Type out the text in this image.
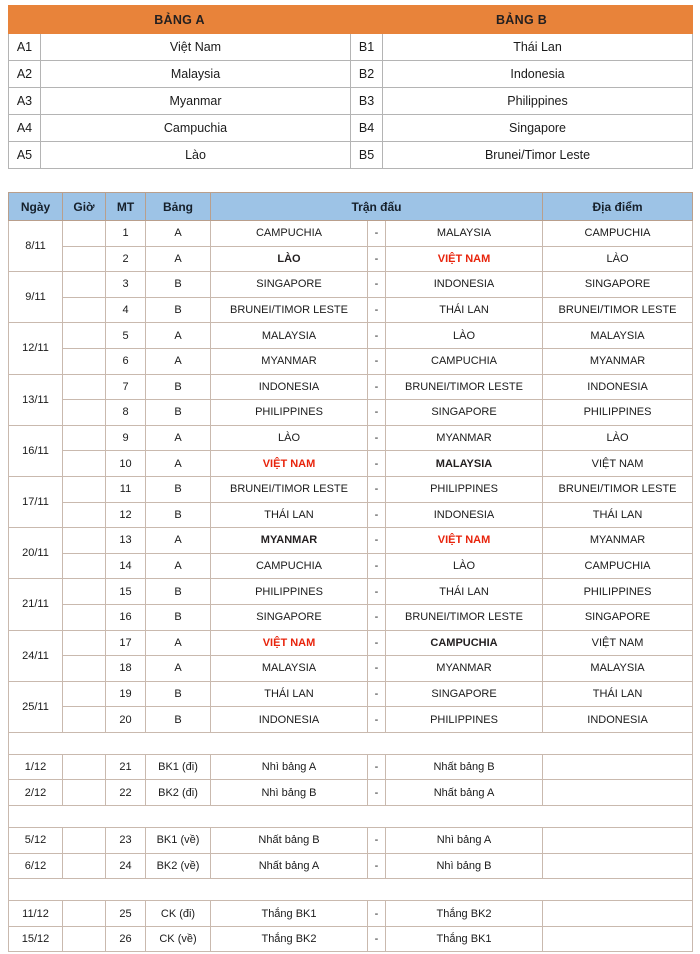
BẢNG A		BẢNG B	
A1	Việt Nam	B1	Thái Lan
A2	Malaysia	B2	Indonesia
A3	Myanmar	B3	Philippines
A4	Campuchia	B4	Singapore
A5	Lào	B5	Brunei/Timor Leste
Ngày	Giờ	MT	Bảng	Trận đấu			Địa điểm
8/11		1	A	CAMPUCHIA	-	MALAYSIA	CAMPUCHIA
		2	A	LÀO	-	VIỆT NAM	LÀO
9/11		3	B	SINGAPORE	-	INDONESIA	SINGAPORE
		4	B	BRUNEI/TIMOR LESTE	-	THÁI LAN	BRUNEI/TIMOR LESTE
12/11		5	A	MALAYSIA	-	LÀO	MALAYSIA
		6	A	MYANMAR	-	CAMPUCHIA	MYANMAR
13/11		7	B	INDONESIA	-	BRUNEI/TIMOR LESTE	INDONESIA
		8	B	PHILIPPINES	-	SINGAPORE	PHILIPPINES
16/11		9	A	LÀO	-	MYANMAR	LÀO
		10	A	VIỆT NAM	-	MALAYSIA	VIỆT NAM
17/11		11	B	BRUNEI/TIMOR LESTE	-	PHILIPPINES	BRUNEI/TIMOR LESTE
		12	B	THÁI LAN	-	INDONESIA	THÁI LAN
20/11		13	A	MYANMAR	-	VIỆT NAM	MYANMAR
		14	A	CAMPUCHIA	-	LÀO	CAMPUCHIA
21/11		15	B	PHILIPPINES	-	THÁI LAN	PHILIPPINES
		16	B	SINGAPORE	-	BRUNEI/TIMOR LESTE	SINGAPORE
24/11		17	A	VIỆT NAM	-	CAMPUCHIA	VIỆT NAM
		18	A	MALAYSIA	-	MYANMAR	MALAYSIA
25/11		19	B	THÁI LAN	-	SINGAPORE	THÁI LAN
		20	B	INDONESIA	-	PHILIPPINES	INDONESIA

1/12		21	BK1 (đi)	Nhì bảng A	-	Nhất bảng B	
2/12		22	BK2 (đi)	Nhì bảng B	-	Nhất bảng A	

5/12		23	BK1 (về)	Nhất bảng B	-	Nhì bảng A	
6/12		24	BK2 (về)	Nhất bảng A	-	Nhì bảng B	

11/12		25	CK (đi)	Thắng BK1	-	Thắng BK2	
15/12		26	CK (về)	Thắng BK2	-	Thắng BK1	
